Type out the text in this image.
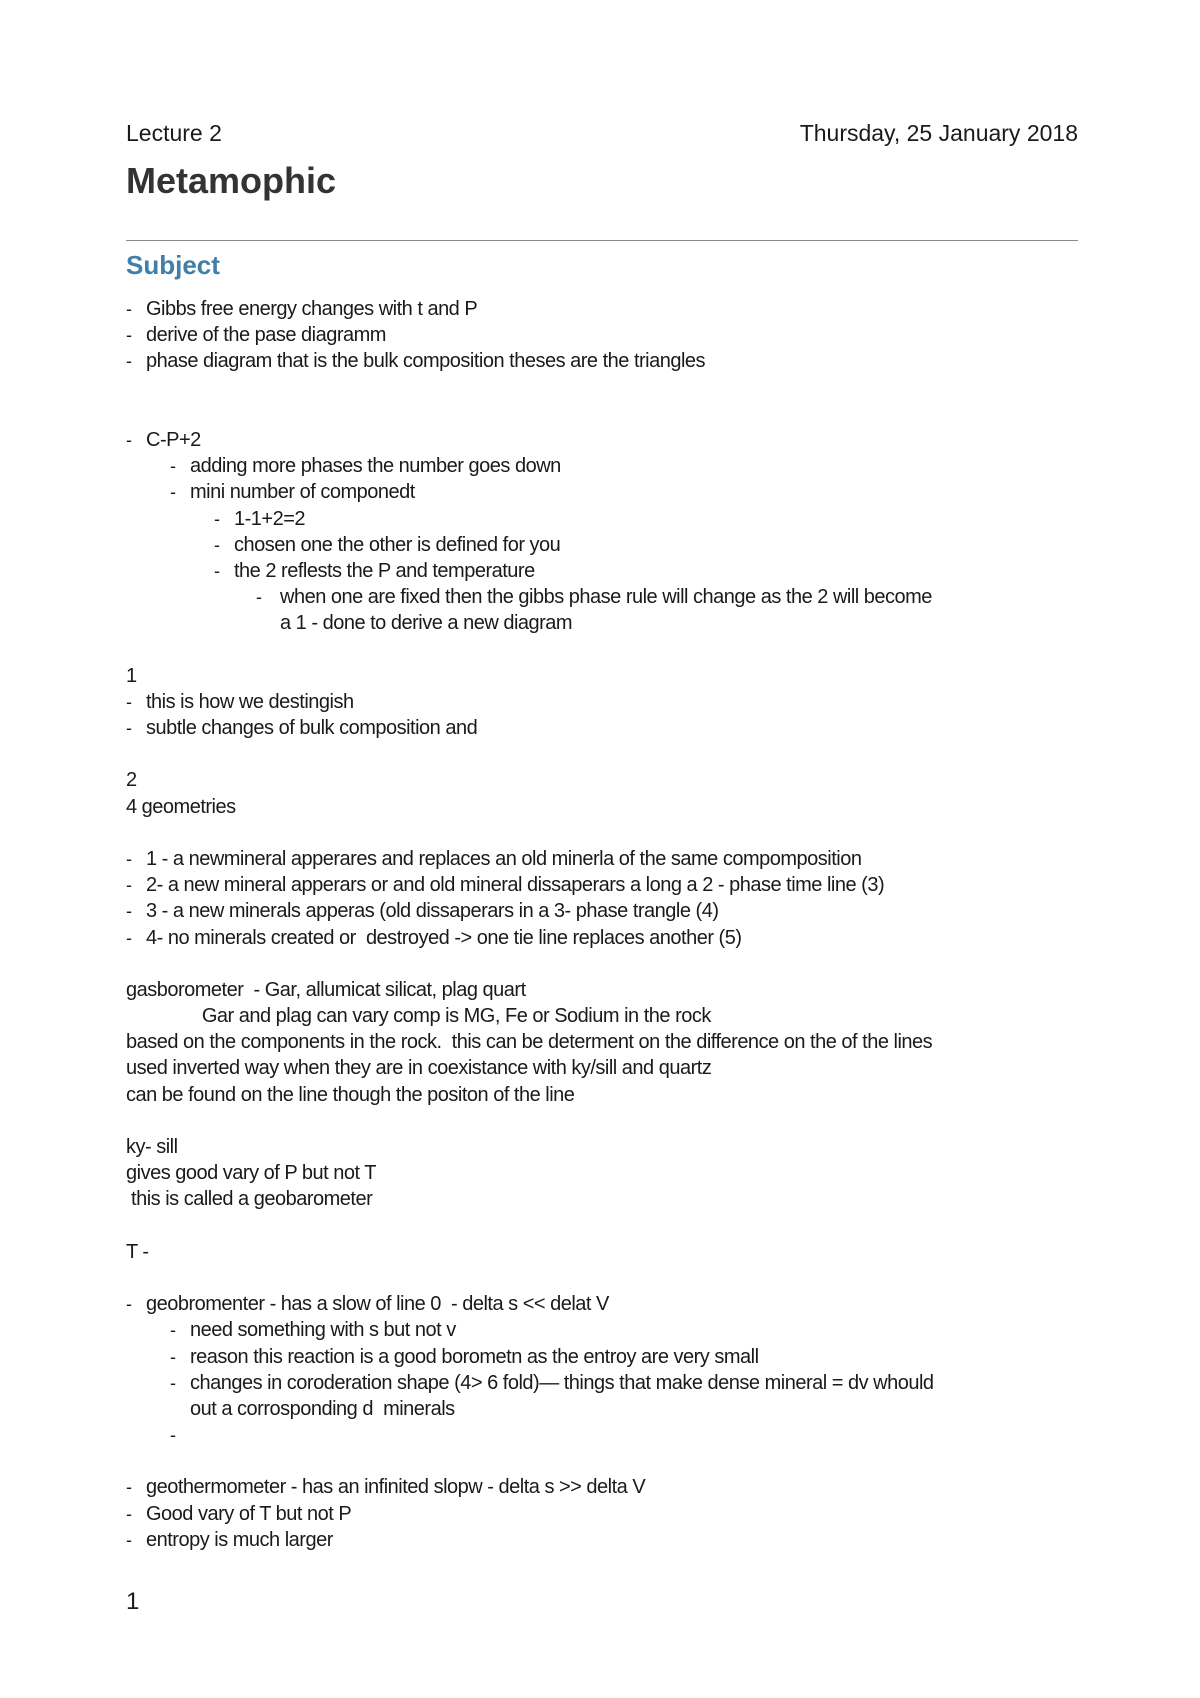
Lecture 2	Thursday, 25 January 2018
Metamophic
Subject
- Gibbs free energy changes with t and P
- derive of the pase diagramm
- phase diagram that is the bulk composition theses are the triangles
- C-P+2
- adding more phases the number goes down
- mini number of componedt
- 1-1+2=2
- chosen one the other is defined for you
- the 2 reflests the P and temperature
- when one are fixed then the gibbs phase rule will change as the 2 will become
a 1 - done to derive a new diagram
1
- this is how we destingish
- subtle changes of bulk composition and
2
4 geometries
- 1 - a newmineral apperares and replaces an old minerla of the same compomposition
- 2- a new mineral apperars or and old mineral dissaperars a long a 2 - phase time line (3)
- 3 - a new minerals apperas (old dissaperars in a 3- phase trangle (4)
- 4- no minerals created or  destroyed -> one tie line replaces another (5)
gasborometer  - Gar, allumicat silicat, plag quart
Gar and plag can vary comp is MG, Fe or Sodium in the rock
based on the components in the rock.  this can be determent on the difference on the of the lines
used inverted way when they are in coexistance with ky/sill and quartz
can be found on the line though the positon of the line
ky- sill
gives good vary of P but not T
this is called a geobarometer
T -
- geobromenter - has a slow of line 0  - delta s << delat V
- need something with s but not v
- reason this reaction is a good borometn as the entroy are very small
- changes in coroderation shape (4> 6 fold)— things that make dense mineral = dv whould
out a corrosponding d  minerals
-
- geothermometer - has an infinited slopw - delta s >> delta V
- Good vary of T but not P
- entropy is much larger
1
